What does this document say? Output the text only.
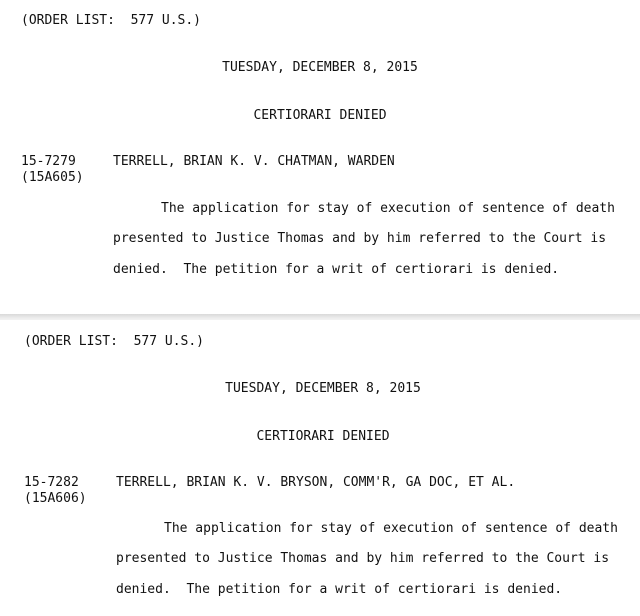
(ORDER LIST:  577 U.S.)
TUESDAY, DECEMBER 8, 2015
CERTIORARI DENIED
15-7279
(15A605)
TERRELL, BRIAN K. V. CHATMAN, WARDEN
The application for stay of execution of sentence of death
presented to Justice Thomas and by him referred to the Court is
denied.  The petition for a writ of certiorari is denied.
(ORDER LIST:  577 U.S.)
TUESDAY, DECEMBER 8, 2015
CERTIORARI DENIED
15-7282
(15A606)
TERRELL, BRIAN K. V. BRYSON, COMM'R, GA DOC, ET AL.
The application for stay of execution of sentence of death
presented to Justice Thomas and by him referred to the Court is
denied.  The petition for a writ of certiorari is denied.
